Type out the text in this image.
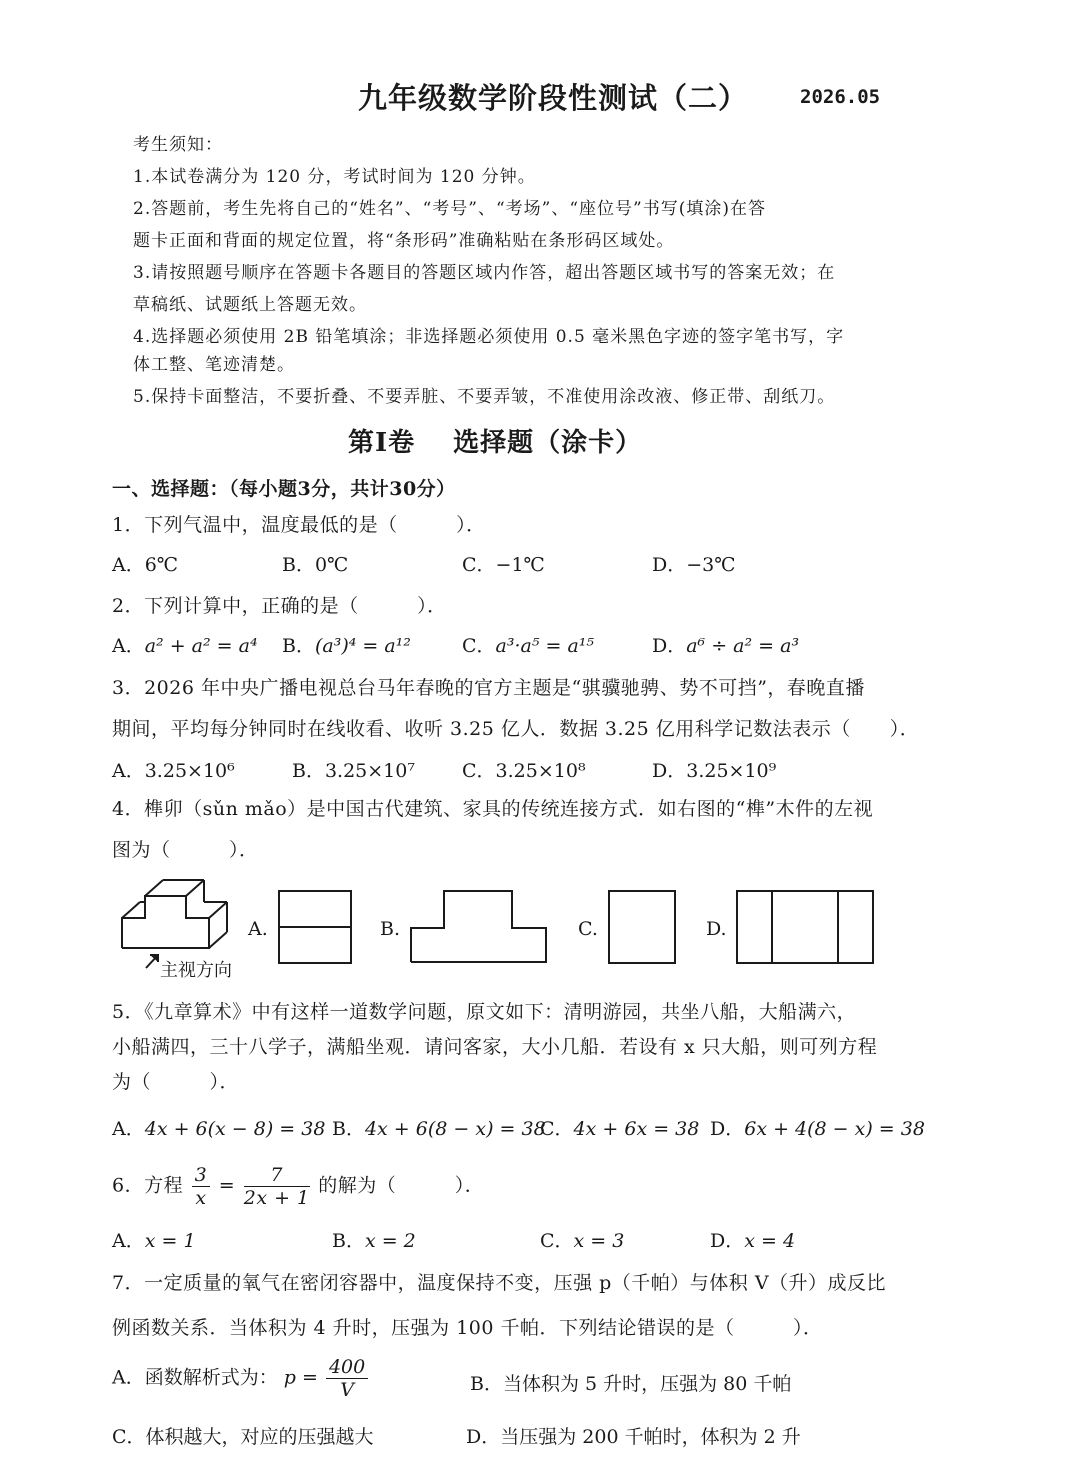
九年级数学阶段性测试（二）	2026.05
考生须知：
1.本试卷满分为 120 分，考试时间为 120 分钟。
2.答题前，考生先将自己的“姓名”、“考号”、“考场”、“座位号”书写(填涂)在答
题卡正面和背面的规定位置，将“条形码”准确粘贴在条形码区域处。
3.请按照题号顺序在答题卡各题目的答题区域内作答，超出答题区域书写的答案无效；在
草稿纸、试题纸上答题无效。
4.选择题必须使用 2B 铅笔填涂；非选择题必须使用 0.5 毫米黑色字迹的签字笔书写，字
体工整、笔迹清楚。
5.保持卡面整洁，不要折叠、不要弄脏、不要弄皱，不准使用涂改液、修正带、刮纸刀。
第Ⅰ卷 选择题（涂卡）
一、选择题：（每小题3分，共计30分）
1．下列气温中，温度最低的是（　　　）．
A．6℃	B．0℃	C．−1℃	D．−3℃
2．下列计算中，正确的是（　　　）．
A．a² + a² = a⁴ B．(a³)⁴ = a¹²	C．a³·a⁵ = a¹⁵	D．a⁶ ÷ a² = a³
3．2026 年中央广播电视总台马年春晚的官方主题是“骐骥驰骋、势不可挡”，春晚直播
期间，平均每分钟同时在线收看、收听 3.25 亿人．数据 3.25 亿用科学记数法表示（　　）．
A．3.25×10⁶	B．3.25×10⁷ C．3.25×10⁸	D．3.25×10⁹
4．榫卯（sǔn mǎo）是中国古代建筑、家具的传统连接方式．如右图的“榫”木件的左视
图为（　　　）．
主视方向
A.	B.	C.	D.
5．《九章算术》中有这样一道数学问题，原文如下：清明游园，共坐八船，大船满六，
小船满四，三十八学子，满船坐观．请问客家，大小几船．若设有 x 只大船，则可列方程
为（　　　）．
A．4x + 6(x − 8) = 38 B．4x + 6(8 − x) = 38
C．4x + 6x = 38 D．6x + 4(8 − x) = 38
6．方程 $\frac{3}{x} = \frac{7}{2x + 1}$ 的解为（　　　）．
A．x = 1	B．x = 2	C．x = 3	D．x = 4
7．一定质量的氧气在密闭容器中，温度保持不变，压强 p（千帕）与体积 V（升）成反比
例函数关系．当体积为 4 升时，压强为 100 千帕．下列结论错误的是（　　　）．
A．函数解析式为： $p = \frac{400}{V}$	B．当体积为 5 升时，压强为 80 千帕
C．体积越大，对应的压强越大	D．当压强为 200 千帕时，体积为 2 升
